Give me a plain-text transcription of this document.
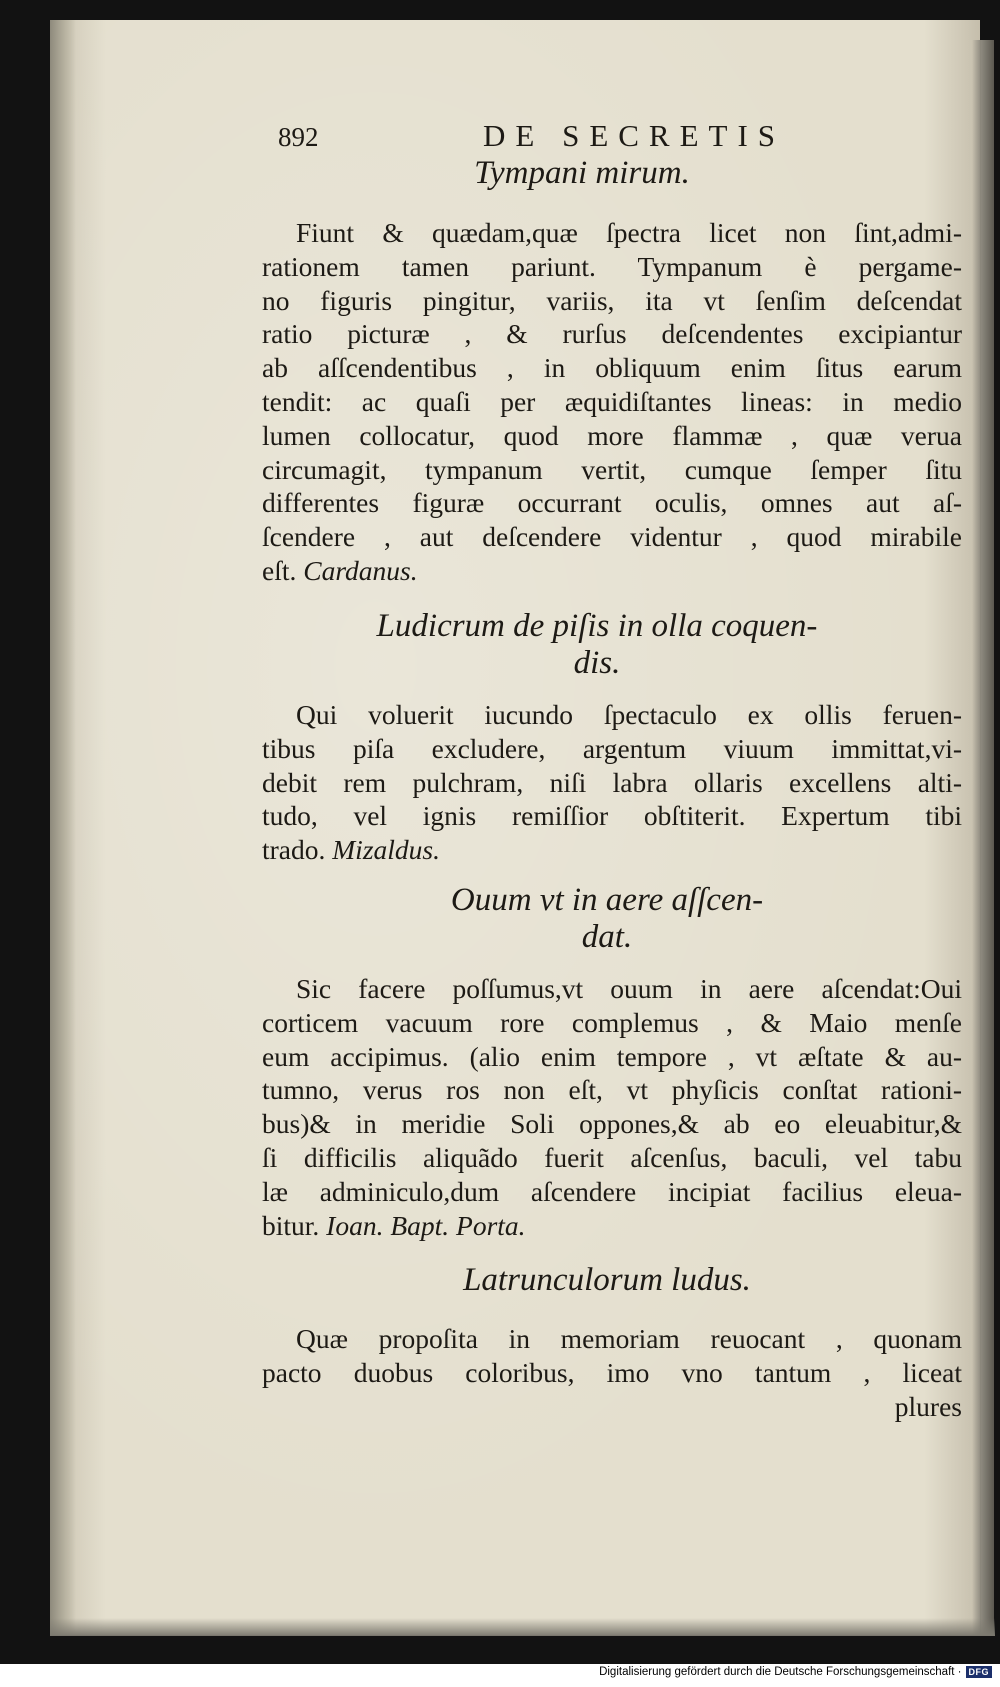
892	DE SECRETIS
Tympani mirum.
Fiunt & quædam,quæ ſpectra licet non ſint,admi-
rationem tamen pariunt. Tympanum è pergame-
no figuris pingitur, variis, ita vt ſenſim deſcendat
ratio picturæ , & rurſus deſcendentes excipiantur
ab aſſcendentibus , in obliquum enim ſitus earum
tendit: ac quaſi per æquidiſtantes lineas: in medio
lumen collocatur, quod more flammæ , quæ verua
circumagit, tympanum vertit, cumque ſemper ſitu
differentes figuræ occurrant oculis, omnes aut aſ-
ſcendere , aut deſcendere videntur , quod mirabile
eſt. Cardanus.
Ludicrum de piſis in olla coquen-
dis.
Qui voluerit iucundo ſpectaculo ex ollis feruen-
tibus piſa excludere, argentum viuum immittat,vi-
debit rem pulchram, niſi labra ollaris excellens alti-
tudo, vel ignis remiſſior obſtiterit. Expertum tibi
trado. Mizaldus.
Ouum vt in aere aſſcen-
dat.
Sic facere poſſumus,vt ouum in aere aſcendat:Oui
corticem vacuum rore complemus , & Maio menſe
eum accipimus. (alio enim tempore , vt æſtate & au-
tumno, verus ros non eſt, vt phyſicis conſtat rationi-
bus)& in meridie Soli oppones,& ab eo eleuabitur,&
ſi difficilis aliquãdo fuerit aſcenſus, baculi, vel tabu
læ adminiculo,dum aſcendere incipiat facilius eleua-
bitur. Ioan. Bapt. Porta.
Latrunculorum ludus.
Quæ propoſita in memoriam reuocant , quonam
pacto duobus coloribus, imo vno tantum , liceat
plures
Digitalisierung gefördert durch die Deutsche Forschungsgemeinschaft · DFG
